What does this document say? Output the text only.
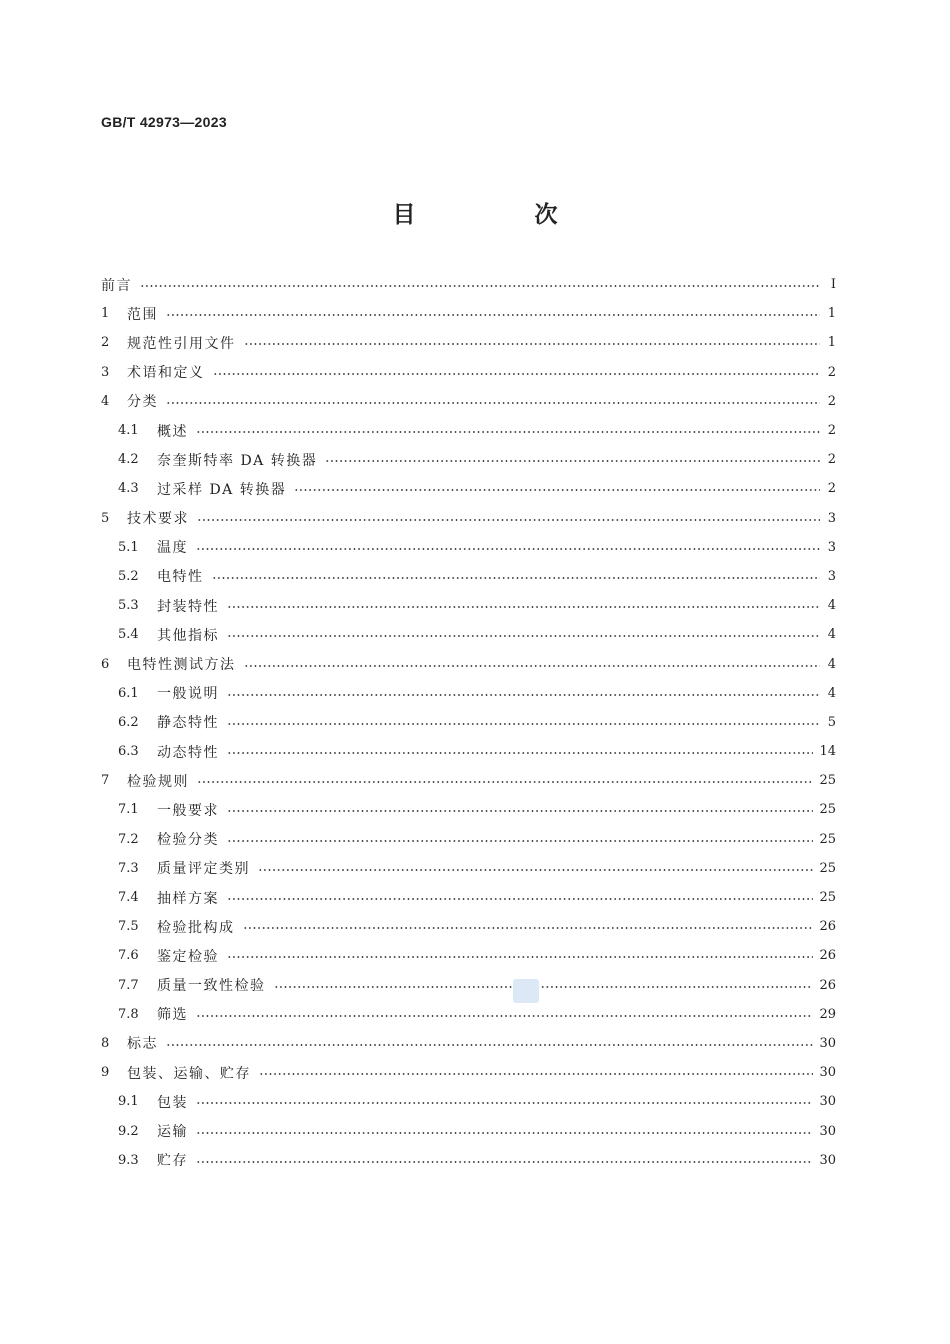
GB/T 42973—2023
目　次
前言	Ⅰ
1	范围	1
2	规范性引用文件	1
3	术语和定义	2
4	分类	2
4.1	概述	2
4.2	奈奎斯特率 DA 转换器	2
4.3	过采样 DA 转换器	2
5	技术要求	3
5.1	温度	3
5.2	电特性	3
5.3	封装特性	4
5.4	其他指标	4
6	电特性测试方法	4
6.1	一般说明	4
6.2	静态特性	5
6.3	动态特性	14
7	检验规则	25
7.1	一般要求	25
7.2	检验分类	25
7.3	质量评定类别	25
7.4	抽样方案	25
7.5	检验批构成	26
7.6	鉴定检验	26
7.7	质量一致性检验	26
7.8	筛选	29
8	标志	30
9	包装、运输、贮存	30
9.1	包装	30
9.2	运输	30
9.3	贮存	30
